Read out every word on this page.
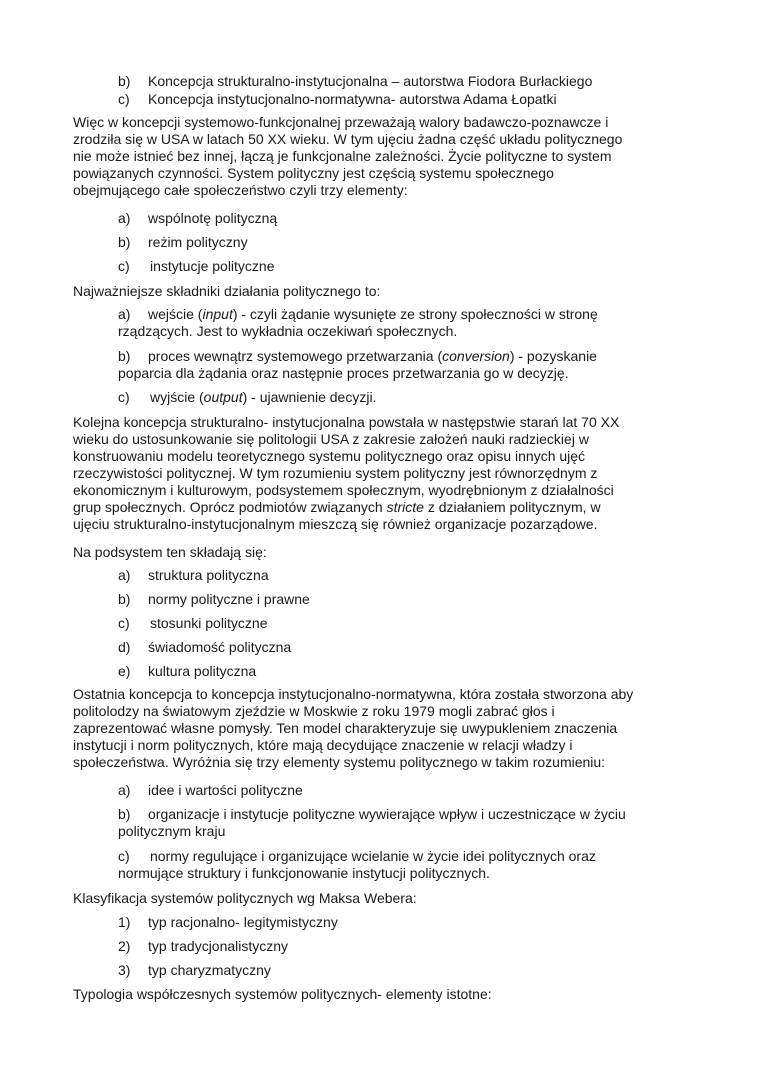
b) Koncepcja strukturalno-instytucjonalna – autorstwa Fiodora Burłackiego
c) Koncepcja instytucjonalno-normatywna- autorstwa Adama Łopatki
Więc w koncepcji systemowo-funkcjonalnej przeważają walory badawczo-poznawcze i
zrodziła się w USA w latach 50 XX wieku. W tym ujęciu żadna część układu politycznego
nie może istnieć bez innej, łączą je funkcjonalne zależności. Życie polityczne to system
powiązanych czynności. System polityczny jest częścią systemu społecznego
obejmującego całe społeczeństwo czyli trzy elementy:
a) wspólnotę polityczną
b) reżim polityczny
c) instytucje polityczne
Najważniejsze składniki działania politycznego to:
a) wejście (input) - czyli żądanie wysunięte ze strony społeczności w stronę
rządzących. Jest to wykładnia oczekiwań społecznych.
b) proces wewnątrz systemowego przetwarzania (conversion) - pozyskanie
poparcia dla żądania oraz następnie proces przetwarzania go w decyzję.
c) wyjście (output) - ujawnienie decyzji.
Kolejna koncepcja strukturalno- instytucjonalna powstała w następstwie starań lat 70 XX
wieku do ustosunkowanie się politologii USA z zakresie założeń nauki radzieckiej w
konstruowaniu modelu teoretycznego systemu politycznego oraz opisu innych ujęć
rzeczywistości politycznej. W tym rozumieniu system polityczny jest równorzędnym z
ekonomicznym i kulturowym, podsystemem społecznym, wyodrębnionym z działalności
grup społecznych. Oprócz podmiotów związanych stricte z działaniem politycznym, w
ujęciu strukturalno-instytucjonalnym mieszczą się również organizacje pozarządowe.
Na podsystem ten składają się:
a) struktura polityczna
b) normy polityczne i prawne
c) stosunki polityczne
d) świadomość polityczna
e) kultura polityczna
Ostatnia koncepcja to koncepcja instytucjonalno-normatywna, która została stworzona aby
politolodzy na światowym zjeździe w Moskwie z roku 1979 mogli zabrać głos i
zaprezentować własne pomysły. Ten model charakteryzuje się uwypukleniem znaczenia
instytucji i norm politycznych, które mają decydujące znaczenie w relacji władzy i
społeczeństwa. Wyróżnia się trzy elementy systemu politycznego w takim rozumieniu:
a) idee i wartości polityczne
b) organizacje i instytucje polityczne wywierające wpływ i uczestniczące w życiu
politycznym kraju
c) normy regulujące i organizujące wcielanie w życie idei politycznych oraz
normujące struktury i funkcjonowanie instytucji politycznych.
Klasyfikacja systemów politycznych wg Maksa Webera:
1) typ racjonalno- legitymistyczny
2) typ tradycjonalistyczny
3) typ charyzmatyczny
Typologia współczesnych systemów politycznych- elementy istotne:
